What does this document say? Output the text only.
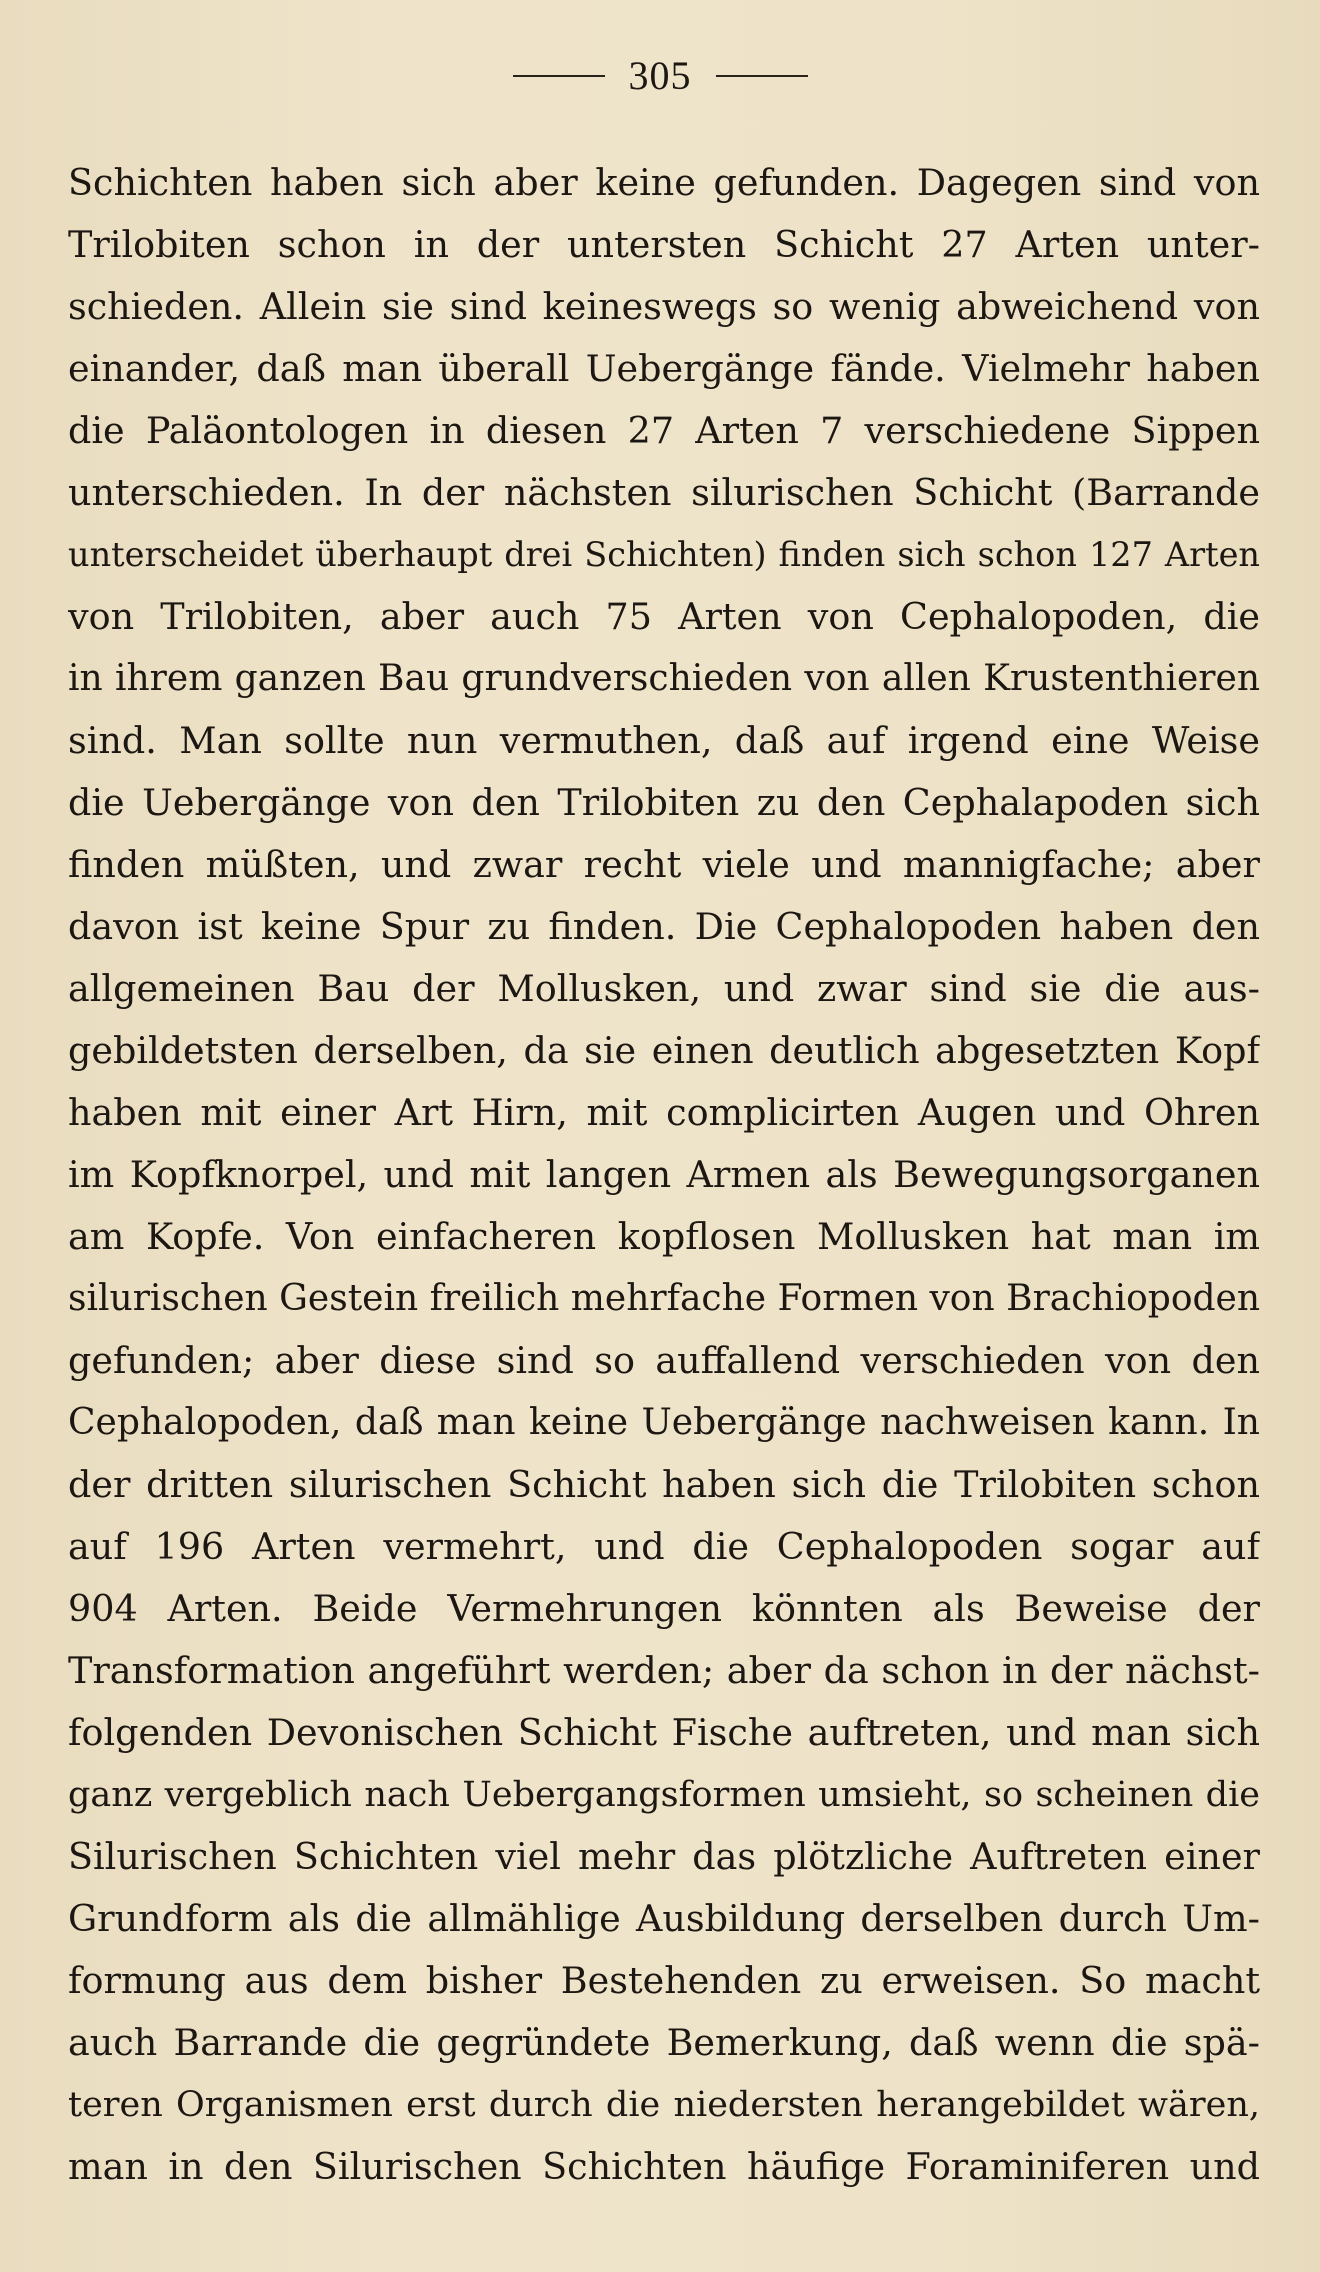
305
Schichten haben sich aber keine gefunden. Dagegen sind von
Trilobiten schon in der untersten Schicht 27 Arten unter-
schieden. Allein sie sind keineswegs so wenig abweichend von
einander, daß man überall Uebergänge fände. Vielmehr haben
die Paläontologen in diesen 27 Arten 7 verschiedene Sippen
unterschieden. In der nächsten silurischen Schicht (Barrande
unterscheidet überhaupt drei Schichten) finden sich schon 127 Arten
von Trilobiten, aber auch 75 Arten von Cephalopoden, die
in ihrem ganzen Bau grundverschieden von allen Krustenthieren
sind. Man sollte nun vermuthen, daß auf irgend eine Weise
die Uebergänge von den Trilobiten zu den Cephalapoden sich
finden müßten, und zwar recht viele und mannigfache; aber
davon ist keine Spur zu finden. Die Cephalopoden haben den
allgemeinen Bau der Mollusken, und zwar sind sie die aus-
gebildetsten derselben, da sie einen deutlich abgesetzten Kopf
haben mit einer Art Hirn, mit complicirten Augen und Ohren
im Kopfknorpel, und mit langen Armen als Bewegungsorganen
am Kopfe. Von einfacheren kopflosen Mollusken hat man im
silurischen Gestein freilich mehrfache Formen von Brachiopoden
gefunden; aber diese sind so auffallend verschieden von den
Cephalopoden, daß man keine Uebergänge nachweisen kann. In
der dritten silurischen Schicht haben sich die Trilobiten schon
auf 196 Arten vermehrt, und die Cephalopoden sogar auf
904 Arten. Beide Vermehrungen könnten als Beweise der
Transformation angeführt werden; aber da schon in der nächst-
folgenden Devonischen Schicht Fische auftreten, und man sich
ganz vergeblich nach Uebergangsformen umsieht, so scheinen die
Silurischen Schichten viel mehr das plötzliche Auftreten einer
Grundform als die allmählige Ausbildung derselben durch Um-
formung aus dem bisher Bestehenden zu erweisen. So macht
auch Barrande die gegründete Bemerkung, daß wenn die spä-
teren Organismen erst durch die niedersten herangebildet wären,
man in den Silurischen Schichten häufige Foraminiferen und
